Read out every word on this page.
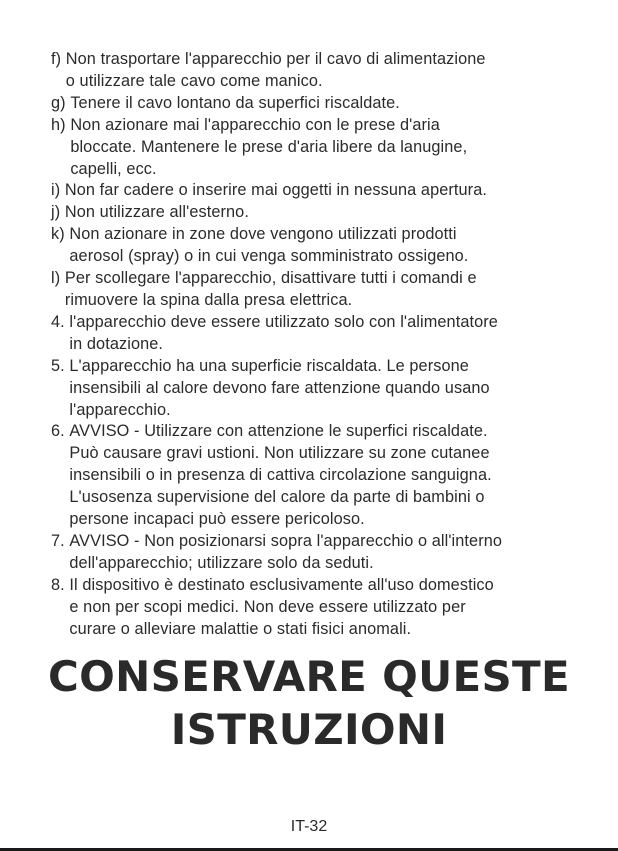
f) Non trasportare l'apparecchio per il cavo di alimentazione
o utilizzare tale cavo come manico.
g) Tenere il cavo lontano da superfici riscaldate.
h) Non azionare mai l'apparecchio con le prese d'aria
bloccate. Mantenere le prese d'aria libere da lanugine,
capelli, ecc.
i) Non far cadere o inserire mai oggetti in nessuna apertura.
j) Non utilizzare all'esterno.
k) Non azionare in zone dove vengono utilizzati prodotti
aerosol (spray) o in cui venga somministrato ossigeno.
l) Per scollegare l'apparecchio, disattivare tutti i comandi e
rimuovere la spina dalla presa elettrica.
4. l'apparecchio deve essere utilizzato solo con l'alimentatore
in dotazione.
5. L'apparecchio ha una superficie riscaldata. Le persone
insensibili al calore devono fare attenzione quando usano
l'apparecchio.
6. AVVISO - Utilizzare con attenzione le superfici riscaldate.
Può causare gravi ustioni. Non utilizzare su zone cutanee
insensibili o in presenza di cattiva circolazione sanguigna.
L'usosenza supervisione del calore da parte di bambini o
persone incapaci può essere pericoloso.
7. AVVISO - Non posizionarsi sopra l'apparecchio o all'interno
dell'apparecchio; utilizzare solo da seduti.
8. Il dispositivo è destinato esclusivamente all'uso domestico
e non per scopi medici. Non deve essere utilizzato per
curare o alleviare malattie o stati fisici anomali.
CONSERVARE QUESTE
ISTRUZIONI
IT-32
